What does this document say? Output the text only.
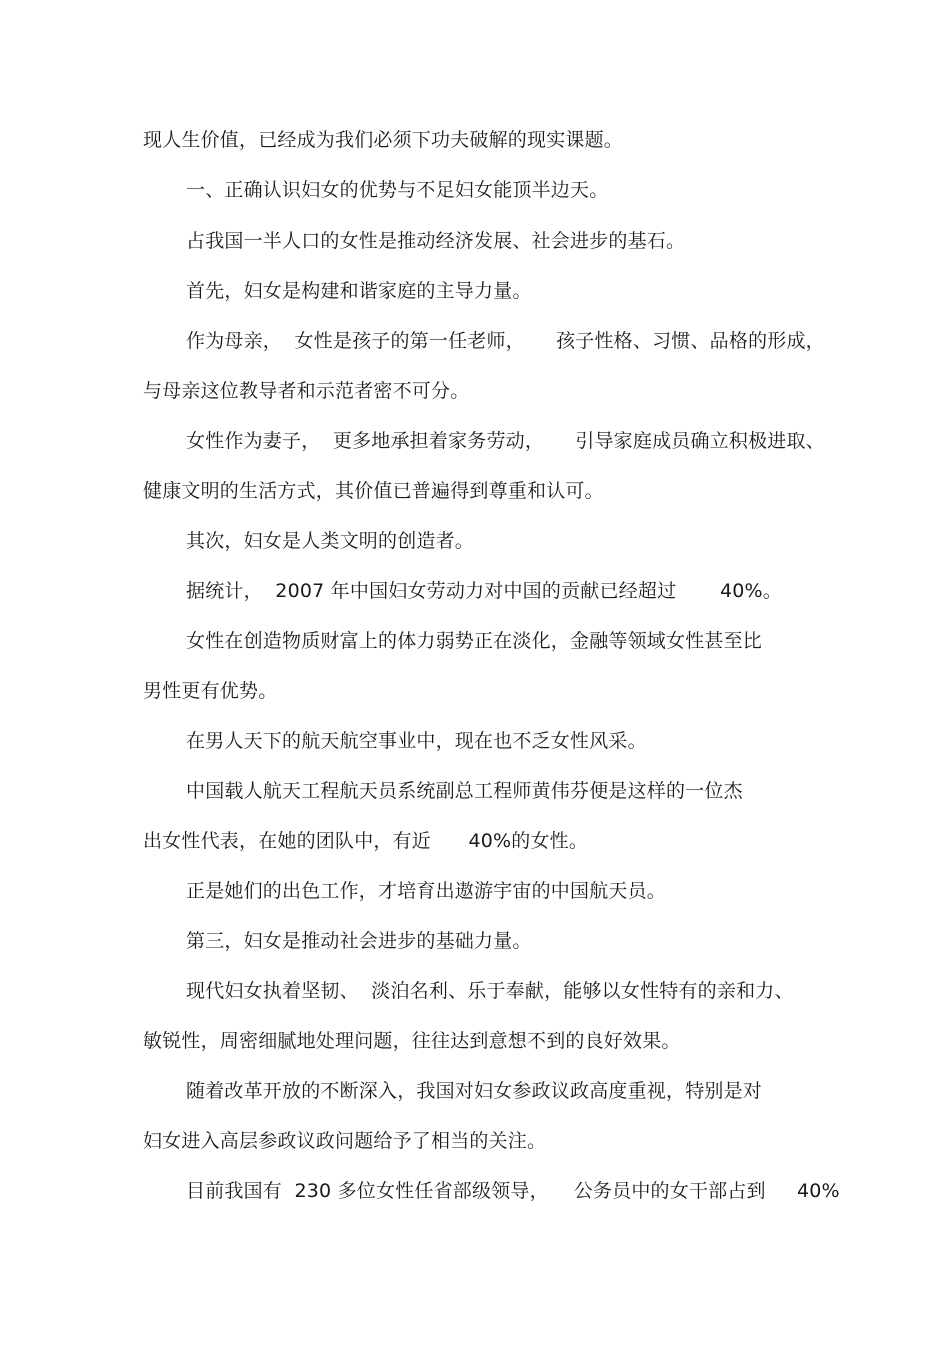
现人生价值，已经成为我们必须下功夫破解的现实课题。
一、正确认识妇女的优势与不足妇女能顶半边天。
占我国一半人口的女性是推动经济发展、社会进步的基石。
首先，妇女是构建和谐家庭的主导力量。
作为母亲，  女性是孩子的第一任老师，     孩子性格、习惯、品格的形成，
与母亲这位教导者和示范者密不可分。
女性作为妻子，  更多地承担着家务劳动，     引导家庭成员确立积极进取、
健康文明的生活方式，其价值已普遍得到尊重和认可。
其次，妇女是人类文明的创造者。
据统计，  2007 年中国妇女劳动力对中国的贡献已经超过       40%。
女性在创造物质财富上的体力弱势正在淡化，金融等领域女性甚至比
男性更有优势。
在男人天下的航天航空事业中，现在也不乏女性风采。
中国载人航天工程航天员系统副总工程师黄伟芬便是这样的一位杰
出女性代表，在她的团队中，有近      40%的女性。
正是她们的出色工作，才培育出遨游宇宙的中国航天员。
第三，妇女是推动社会进步的基础力量。
现代妇女执着坚韧、  淡泊名利、乐于奉献，能够以女性特有的亲和力、
敏锐性，周密细腻地处理问题，往往达到意想不到的良好效果。
随着改革开放的不断深入，我国对妇女参政议政高度重视，特别是对
妇女进入高层参政议政问题给予了相当的关注。
目前我国有  230 多位女性任省部级领导，    公务员中的女干部占到     40%
